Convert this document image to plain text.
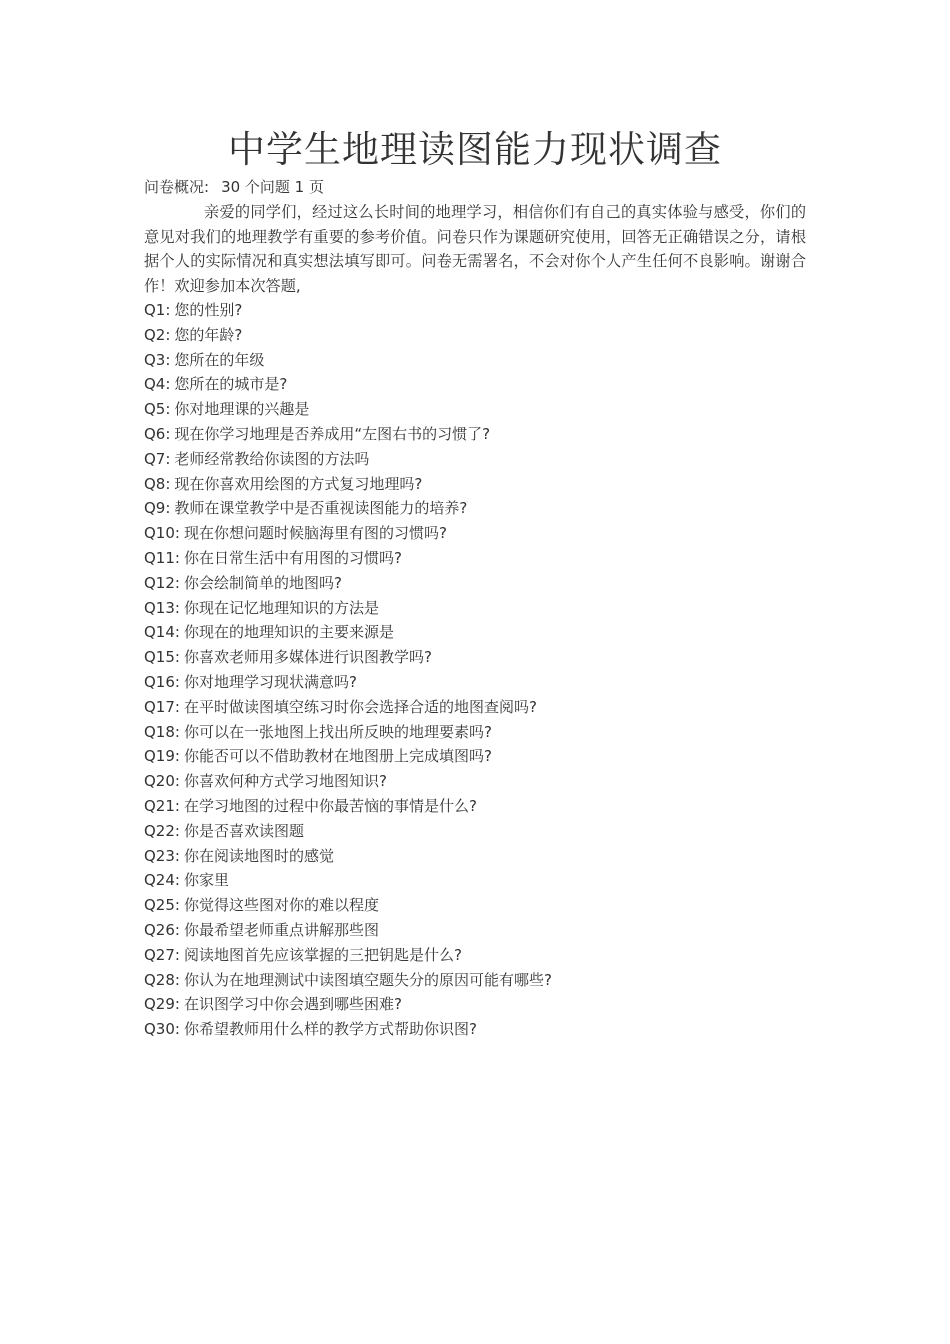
中学生地理读图能力现状调查
问卷概况: 30 个问题 1 页

亲爱的同学们，经过这么长时间的地理学习，相信你们有自己的真实体验与感受，你们的意见对我们的地理教学有重要的参考价值。问卷只作为课题研究使用，回答无正确错误之分，请根据个人的实际情况和真实想法填写即可。问卷无需署名，不会对你个人产生任何不良影响。谢谢合作！欢迎参加本次答题,

Q1: 您的性别?
Q2: 您的年龄?
Q3: 您所在的年级
Q4: 您所在的城市是?
Q5: 你对地理课的兴趣是
Q6: 现在你学习地理是否养成用“左图右书的习惯了?
Q7: 老师经常教给你读图的方法吗
Q8: 现在你喜欢用绘图的方式复习地理吗?
Q9: 教师在课堂教学中是否重视读图能力的培养?
Q10: 现在你想问题时候脑海里有图的习惯吗?
Q11: 你在日常生活中有用图的习惯吗?
Q12: 你会绘制简单的地图吗?
Q13: 你现在记忆地理知识的方法是
Q14: 你现在的地理知识的主要来源是
Q15: 你喜欢老师用多媒体进行识图教学吗?
Q16: 你对地理学习现状满意吗?
Q17: 在平时做读图填空练习时你会选择合适的地图查阅吗?
Q18: 你可以在一张地图上找出所反映的地理要素吗?
Q19: 你能否可以不借助教材在地图册上完成填图吗?
Q20: 你喜欢何种方式学习地图知识?
Q21: 在学习地图的过程中你最苦恼的事情是什么?
Q22: 你是否喜欢读图题
Q23: 你在阅读地图时的感觉
Q24: 你家里
Q25: 你觉得这些图对你的难以程度
Q26: 你最希望老师重点讲解那些图
Q27: 阅读地图首先应该掌握的三把钥匙是什么?
Q28: 你认为在地理测试中读图填空题失分的原因可能有哪些?
Q29: 在识图学习中你会遇到哪些困难?
Q30: 你希望教师用什么样的教学方式帮助你识图?
